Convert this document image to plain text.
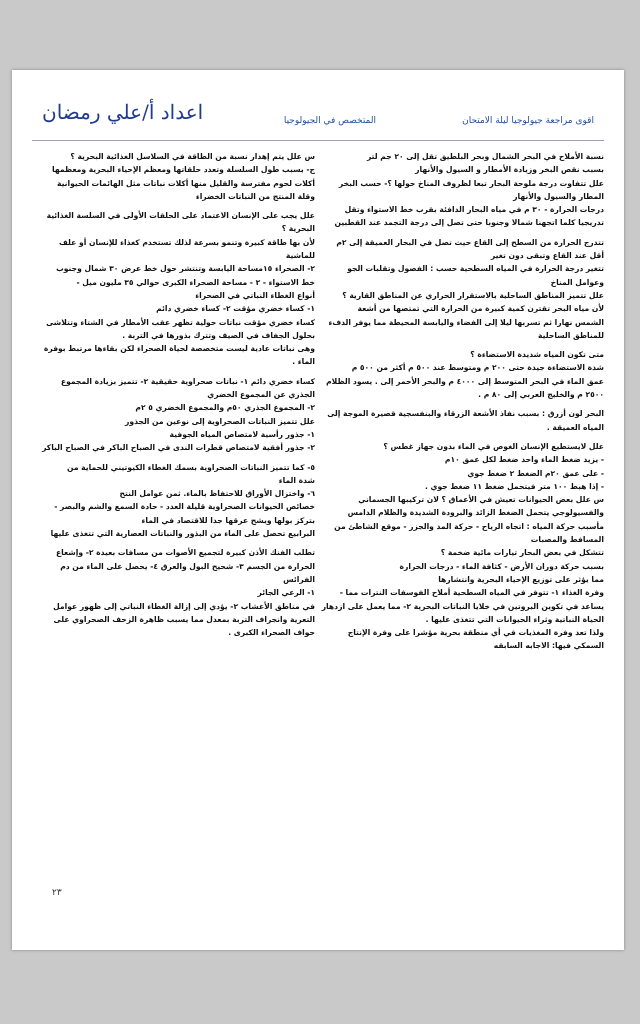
اقوى مراجعة جيولوجيا ليلة الامتحان
المتخصص في الجيولوجيا
اعداد أ/علي رمضان
نسبة الأملاح في البحر الشمال وبحر البلطيق تقل إلى ٢٠ جم لتر
بسبب نقص البخر وزيادة الأمطار و السيول والأنهار
علل تتفاوت درجة ملوحة البحار تبعا لظروف المناخ حولها ؟- حسب البخر
المطار والسيول والأنهار
درجات الحرارة - ٣٠ م في مياه البحار الدافئة بقرب خط الاستواء وتقل
تدريجيا كلما اتجهنا شمالا وجنوبا حتى تصل إلى درجة التجمد عند القطبين
تتدرج الحرارة من السطح إلى القاع حيث تصل في البحار العميقة إلى ٢م
أقل عند القاع وتبقى دون تغير
تتغير درجة الحرارة في المياه السطحية حسب : الفصول وتقلبات الجو
وعوامل المناخ
علل تتميز المناطق الساحلية بالاستقرار الحراري عن المناطق القارية ؟
لأن مياه البحر تقترن كمية كبيرة من الحرارة التي تمتصها من أشعة
الشمس نهارا ثم تسربها ليلا إلى الفضاء واليابسة المحيطة مما يوفر الدفء
للمناطق الساحلية
متى تكون المياه شديدة الاستضاءة ؟
شدة الاستضاءة جيدة حتى ٢٠٠ م ومتوسط عند ٥٠٠ م أكثر من ٥٠٠ م
عمق الماء في البحر المتوسط إلى ٤٠٠٠ م والبحر الأحمر إلى . يسود الظلام
٢٥٠٠ م والخليج العربي إلى ٨٠ م .
البحر لون أزرق : بسبب نفاذ الأشعة الزرقاء والبنفسجية قصيرة الموجة إلى
المياه العميقة .
علل لايستطيع الإنسان الغوص في الماء بدون جهاز غطس ؟
- يزيد ضغط الماء واحد ضغط لكل عمق ١٠م
- على عمق ٢٠م الضغط ٢ ضغط جوي
- إذا هبط ١٠٠ متر فيتحمل ضغط ١١ ضغط جوي .
س علل بعض الحيوانات تعيش في الأعماق ؟ لان تركيبها الجسماني
والفسيولوجي يتحمل الضغط الزائد والبرودة الشديدة والظلام الدامس
مأسبب حركة المياه : اتجاه الرياح - حركة المد والجزر - موقع الشاطئ من
المسافط والمصبات
تتشكل في بعض البحار تيارات مائية ضخمة ؟
بسبب حركة دوران الأرض - كثافة الماء - درجات الحرارة
مما يؤثر على توزيع الإحياء البحرية وانتشارها
وفرة الغذاء ١- تتوفر في المياه السطحية أملاح الفوسفات النترات مما -
يساعد في تكوين البروتين في خلايا النباتات البحرية ٢- مما يعمل على ازدهار
الحياة النباتية وثراء الحيوانات التي تتغذى عليها .
ولذا تعد وفرة المغذيات في أي منطقة بحرية مؤشرا على وفرة الإنتاج
السمكي فيها: الاجابه السابقه
س علل يتم إهدار نسبة من الطاقة في السلاسل الغذائية البحرية ؟
ج- بسبب طول السلسلة وتعدد حلقاتها ومعظم الإحياء البحرية ومعظمها
أكلات لحوم مفترسة والقليل منها أكلات نباتات مثل الهائمات الحيوانية
وقلة المنتج من النباتات الخضراء
علل يجب على الإنسان الاعتماد على الحلقات الأولى في السلسة الغذائية
البحرية ؟
لأن بها طاقة كبيرة وتنمو بسرعة لذلك تستخدم كغذاء للإنسان أو علف
للماشية
٢- الصحراء ١٥مساحة اليابسة وتنتشر حول خط عرض ٣٠ شمال وجنوب
خط الاستواء - ٢ - مساحة الصحراء الكبرى حوالي ٣٥ مليون ميل -
أنواع الغطاء النباتي في الصحراء
١- كساء خضري مؤقت ٢- كساء خضري دائم
كساء خضري مؤقت نباتات حولية تظهر عقب الأمطار في الشتاء وتتلاشى
بحلول الجفاف في الصيف وتترك بذورها في التربة .
وهى نباتات عادية ليست متخصصة لحياة الصحراء لكن بقاءها مرتبط بوفرة
الماء .
كساء خضري دائم ١- نباتات صحراوية حقيقية ٢- تتميز بزيادة المجموع
الجذري عن المجموع الخضري
٢- المجموع الجذري ٥٠م والمجموع الخضري ٥ ٢م
علل تتميز النباتات الصحراوية إلى نوعين من الجذور
١- جذور رأسية لامتصاص المياه الجوفية
٢- جذور أفقية لامتصاص قطرات الندى في الصباح الباكر في الصباح الباكر
٥- كما تتميز النباتات الصحراوية بسمك الغطاء الكيوتيني للحماية من
شدة الماء
٦- واختزال الأوراق للاحتفاظ بالماء. ثمن عوامل النتح
خصائص الحيوانات الصحراوية قليلة العدد - حادة السمع والشم والبصر -
بتركز بولها ويشح عرقها جدا للاقتصاد في الماء
البرابيع تحصل على الماء من البذور والنباتات العصارية التي تتغذى عليها
تطلب الفنك الأذن كبيرة لتجميع الأصوات من مسافات بعيدة ٢- وإشعاع
الحرارة من الجسم ٣- شحيح البول والعرق ٤- يحصل على الماء من دم
الفرائس
١- الرعي الجائر
في مناطق الأعشاب ٢- يؤدي إلى إزالة الغطاء النباتي إلى ظهور عوامل
التعرية وانجراف التربة بمعدل مما يسبب ظاهرة الزحف الصحراوي على
حواف الصحراء الكبرى .
٢٣
